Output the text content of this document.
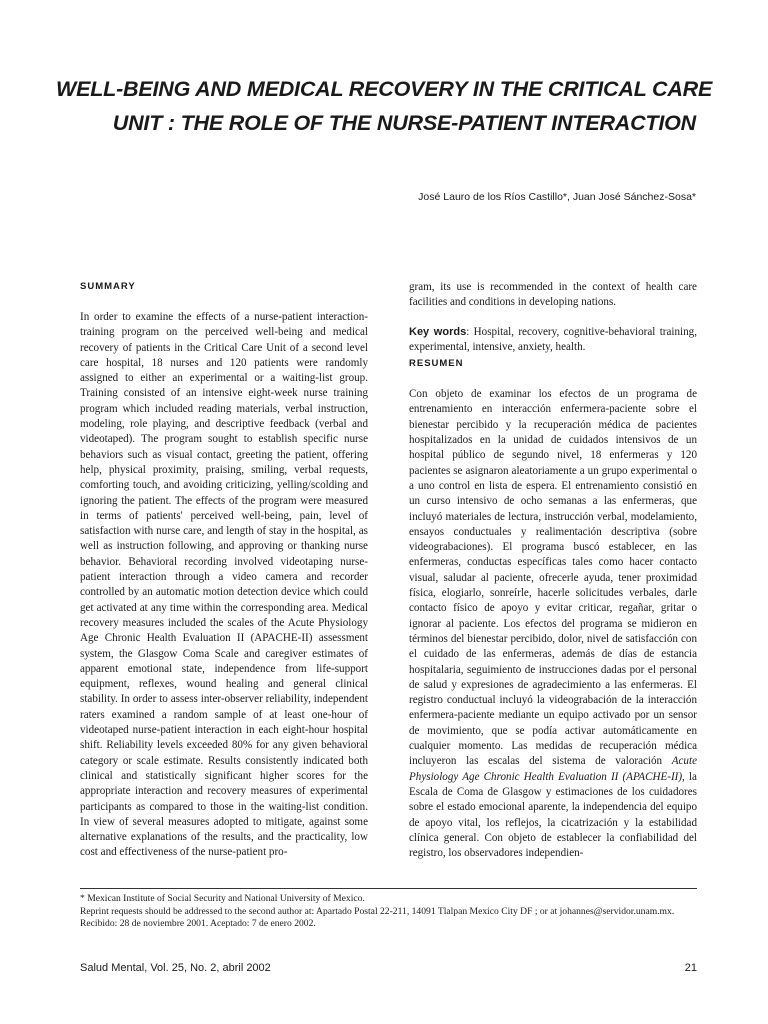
WELL-BEING AND MEDICAL RECOVERY IN THE CRITICAL CARE
UNIT : THE ROLE OF THE NURSE-PATIENT INTERACTION
José Lauro de los Ríos Castillo*, Juan José Sánchez-Sosa*
SUMMARY

In order to examine the effects of a nurse-patient interaction-training program on the perceived well-being and medical recovery of patients in the Critical Care Unit of a second level care hospital, 18 nurses and 120 patients were randomly assigned to either an experimental or a waiting-list group. Training consisted of an intensive eight-week nurse training program which included reading materials, verbal instruction, modeling, role playing, and descriptive feedback (verbal and videotaped). The program sought to establish specific nurse behaviors such as visual contact, greeting the patient, offering help, physical proximity, praising, smiling, verbal requests, comforting touch, and avoiding criticizing, yelling/scolding and ignoring the patient. The effects of the program were measured in terms of patients' perceived well-being, pain, level of satisfaction with nurse care, and length of stay in the hospital, as well as instruction following, and approving or thanking nurse behavior. Behavioral recording involved videotaping nurse-patient interaction through a video camera and recorder controlled by an automatic motion detection device which could get activated at any time within the corresponding area. Medical recovery measures included the scales of the Acute Physiology Age Chronic Health Evaluation II (APACHE-II) assessment system, the Glasgow Coma Scale and caregiver estimates of apparent emotional state, independence from life-support equipment, reflexes, wound healing and general clinical stability. In order to assess inter-observer reliability, independent raters examined a random sample of at least one-hour of videotaped nurse-patient interaction in each eight-hour hospital shift. Reliability levels exceeded 80% for any given behavioral category or scale estimate. Results consistently indicated both clinical and statistically significant higher scores for the appropriate interaction and recovery measures of experimental participants as compared to those in the waiting-list condition. In view of several measures adopted to mitigate, against some alternative explanations of the results, and the practicality, low cost and effectiveness of the nurse-patient pro-

gram, its use is recommended in the context of health care facilities and conditions in developing nations.

Key words: Hospital, recovery, cognitive-behavioral training, experimental, intensive, anxiety, health.

RESUMEN

Con objeto de examinar los efectos de un programa de entrenamiento en interacción enfermera-paciente sobre el bienestar percibido y la recuperación médica de pacientes hospitalizados en la unidad de cuidados intensivos de un hospital público de segundo nivel, 18 enfermeras y 120 pacientes se asignaron aleatoriamente a un grupo experimental o a uno control en lista de espera. El entrenamiento consistió en un curso intensivo de ocho semanas a las enfermeras, que incluyó materiales de lectura, instrucción verbal, modelamiento, ensayos conductuales y realimentación descriptiva (sobre videograbaciones). El programa buscó establecer, en las enfermeras, conductas específicas tales como hacer contacto visual, saludar al paciente, ofrecerle ayuda, tener proximidad física, elogiarlo, sonreírle, hacerle solicitudes verbales, darle contacto físico de apoyo y evitar criticar, regañar, gritar o ignorar al paciente. Los efectos del programa se midieron en términos del bienestar percibido, dolor, nivel de satisfacción con el cuidado de las enfermeras, además de días de estancia hospitalaria, seguimiento de instrucciones dadas por el personal de salud y expresiones de agradecimiento a las enfermeras. El registro conductual incluyó la videograbación de la interacción enfermera-paciente mediante un equipo activado por un sensor de movimiento, que se podía activar automáticamente en cualquier momento. Las medidas de recuperación médica incluyeron las escalas del sistema de valoración Acute Physiology Age Chronic Health Evaluation II (APACHE-II), la Escala de Coma de Glasgow y estimaciones de los cuidadores sobre el estado emocional aparente, la independencia del equipo de apoyo vital, los reflejos, la cicatrización y la estabilidad clínica general. Con objeto de establecer la confiabilidad del registro, los observadores independien-

* Mexican Institute of Social Security and National University of Mexico.

Reprint requests should be addressed to the second author at: Apartado Postal 22-211, 14091 Tlalpan Mexico City DF ; or at johannes@servidor.unam.mx.

Recibido: 28 de noviembre 2001. Aceptado: 7 de enero 2002.

Salud Mental, Vol. 25, No. 2, abril 2002	21
